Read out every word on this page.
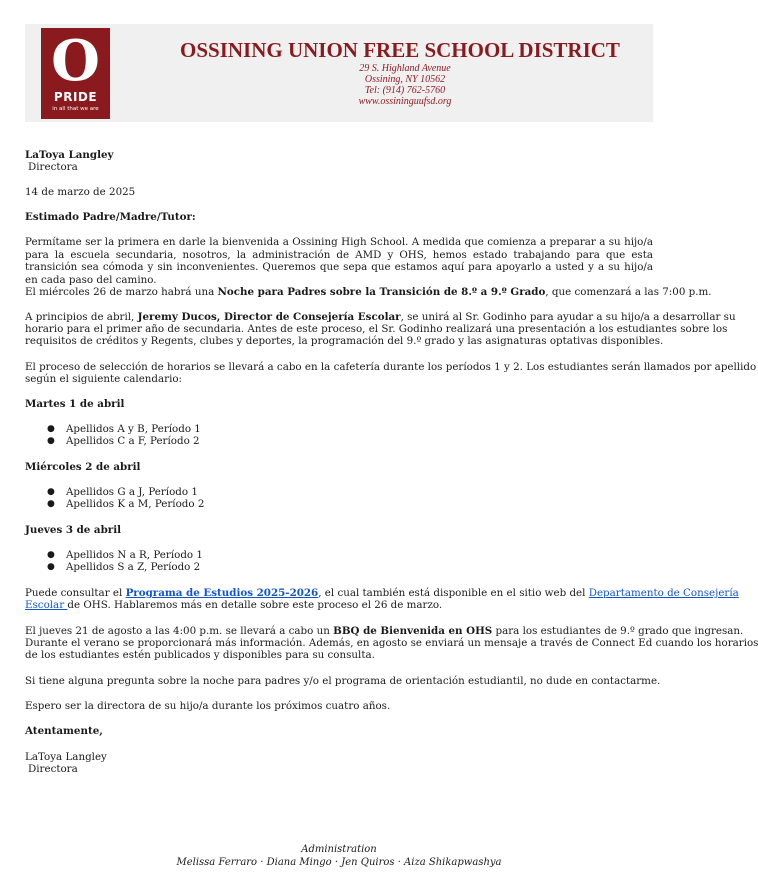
O
PRIDE
in all that we are
OSSINING UNION FREE SCHOOL DISTRICT
29 S. Highland Avenue
Ossining, NY 10562
Tel: (914) 762-5760
www.ossininguufsd.org
LaToya Langley
Directora
14 de marzo de 2025
Estimado Padre/Madre/Tutor:
Permítame ser la primera en darle la bienvenida a Ossining High School. A medida que comienza a preparar a su hijo/a para la escuela secundaria, nosotros, la administración de AMD y OHS, hemos estado trabajando para que esta transición sea cómoda y sin inconvenientes. Queremos que sepa que estamos aquí para apoyarlo a usted y a su hijo/a en cada paso del camino.
El miércoles 26 de marzo habrá una Noche para Padres sobre la Transición de 8.º a 9.º Grado, que comenzará a las 7:00 p.m.
A principios de abril, Jeremy Ducos, Director de Consejería Escolar, se unirá al Sr. Godinho para ayudar a su hijo/a a desarrollar su
horario para el primer año de secundaria. Antes de este proceso, el Sr. Godinho realizará una presentación a los estudiantes sobre los
requisitos de créditos y Regents, clubes y deportes, la programación del 9.º grado y las asignaturas optativas disponibles.
El proceso de selección de horarios se llevará a cabo en la cafetería durante los períodos 1 y 2. Los estudiantes serán llamados por apellido
según el siguiente calendario:
Martes 1 de abril
● Apellidos A y B, Período 1
● Apellidos C a F, Período 2
Miércoles 2 de abril
● Apellidos G a J, Período 1
● Apellidos K a M, Período 2
Jueves 3 de abril
● Apellidos N a R, Período 1
● Apellidos S a Z, Período 2
Puede consultar el Programa de Estudios 2025-2026, el cual también está disponible en el sitio web del Departamento de Consejería
Escolar de OHS. Hablaremos más en detalle sobre este proceso el 26 de marzo.
El jueves 21 de agosto a las 4:00 p.m. se llevará a cabo un BBQ de Bienvenida en OHS para los estudiantes de 9.º grado que ingresan.
Durante el verano se proporcionará más información. Además, en agosto se enviará un mensaje a través de Connect Ed cuando los horarios
de los estudiantes estén publicados y disponibles para su consulta.
Si tiene alguna pregunta sobre la noche para padres y/o el programa de orientación estudiantil, no dude en contactarme.
Espero ser la directora de su hijo/a durante los próximos cuatro años.
Atentamente,
LaToya Langley
Directora
Administration
Melissa Ferraro · Diana Mingo · Jen Quiros · Aiza Shikapwashya
